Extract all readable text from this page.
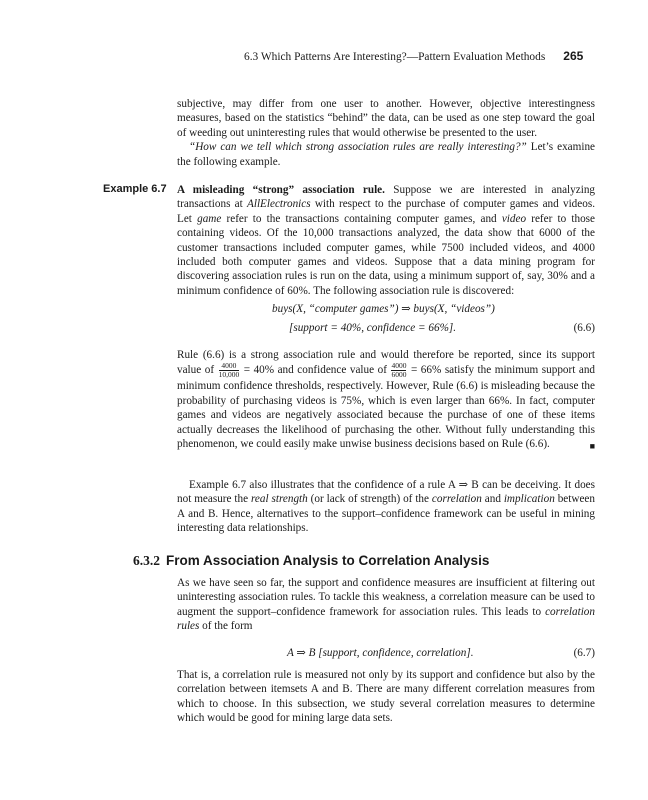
6.3 Which Patterns Are Interesting?—Pattern Evaluation Methods 265

subjective, may differ from one user to another. However, objective interestingness measures, based on the statistics “behind” the data, can be used as one step toward the goal of weeding out uninteresting rules that would otherwise be presented to the user.

“How can we tell which strong association rules are really interesting?” Let’s examine the following example.

Example 6.7 A misleading “strong” association rule. Suppose we are interested in analyzing transactions at AllElectronics with respect to the purchase of computer games and videos. Let game refer to the transactions containing computer games, and video refer to those containing videos. Of the 10,000 transactions analyzed, the data show that 6000 of the customer transactions included computer games, while 7500 included videos, and 4000 included both computer games and videos. Suppose that a data mining program for discovering association rules is run on the data, using a minimum support of, say, 30% and a minimum confidence of 60%. The following association rule is discovered:

buys(X, “computer games”) ⇒ buys(X, “videos”)
[support = 40%, confidence = 66%].	(6.6)

Rule (6.6) is a strong association rule and would therefore be reported, since its support value of $\frac{4000}{10,000} = 40\%$ and confidence value of $\frac{4000}{6000} = 66\%$ satisfy the minimum support and minimum confidence thresholds, respectively. However, Rule (6.6) is misleading because the probability of purchasing videos is 75%, which is even larger than 66%. In fact, computer games and videos are negatively associated because the purchase of one of these items actually decreases the likelihood of purchasing the other. Without fully understanding this phenomenon, we could easily make unwise business decisions based on Rule (6.6).	■

Example 6.7 also illustrates that the confidence of a rule A ⇒ B can be deceiving. It does not measure the real strength (or lack of strength) of the correlation and implication between A and B. Hence, alternatives to the support–confidence framework can be useful in mining interesting data relationships.

6.3.2 From Association Analysis to Correlation Analysis

As we have seen so far, the support and confidence measures are insufficient at filtering out uninteresting association rules. To tackle this weakness, a correlation measure can be used to augment the support–confidence framework for association rules. This leads to correlation rules of the form

A ⇒ B [support, confidence, correlation].	(6.7)

That is, a correlation rule is measured not only by its support and confidence but also by the correlation between itemsets A and B. There are many different correlation measures from which to choose. In this subsection, we study several correlation measures to determine which would be good for mining large data sets.
